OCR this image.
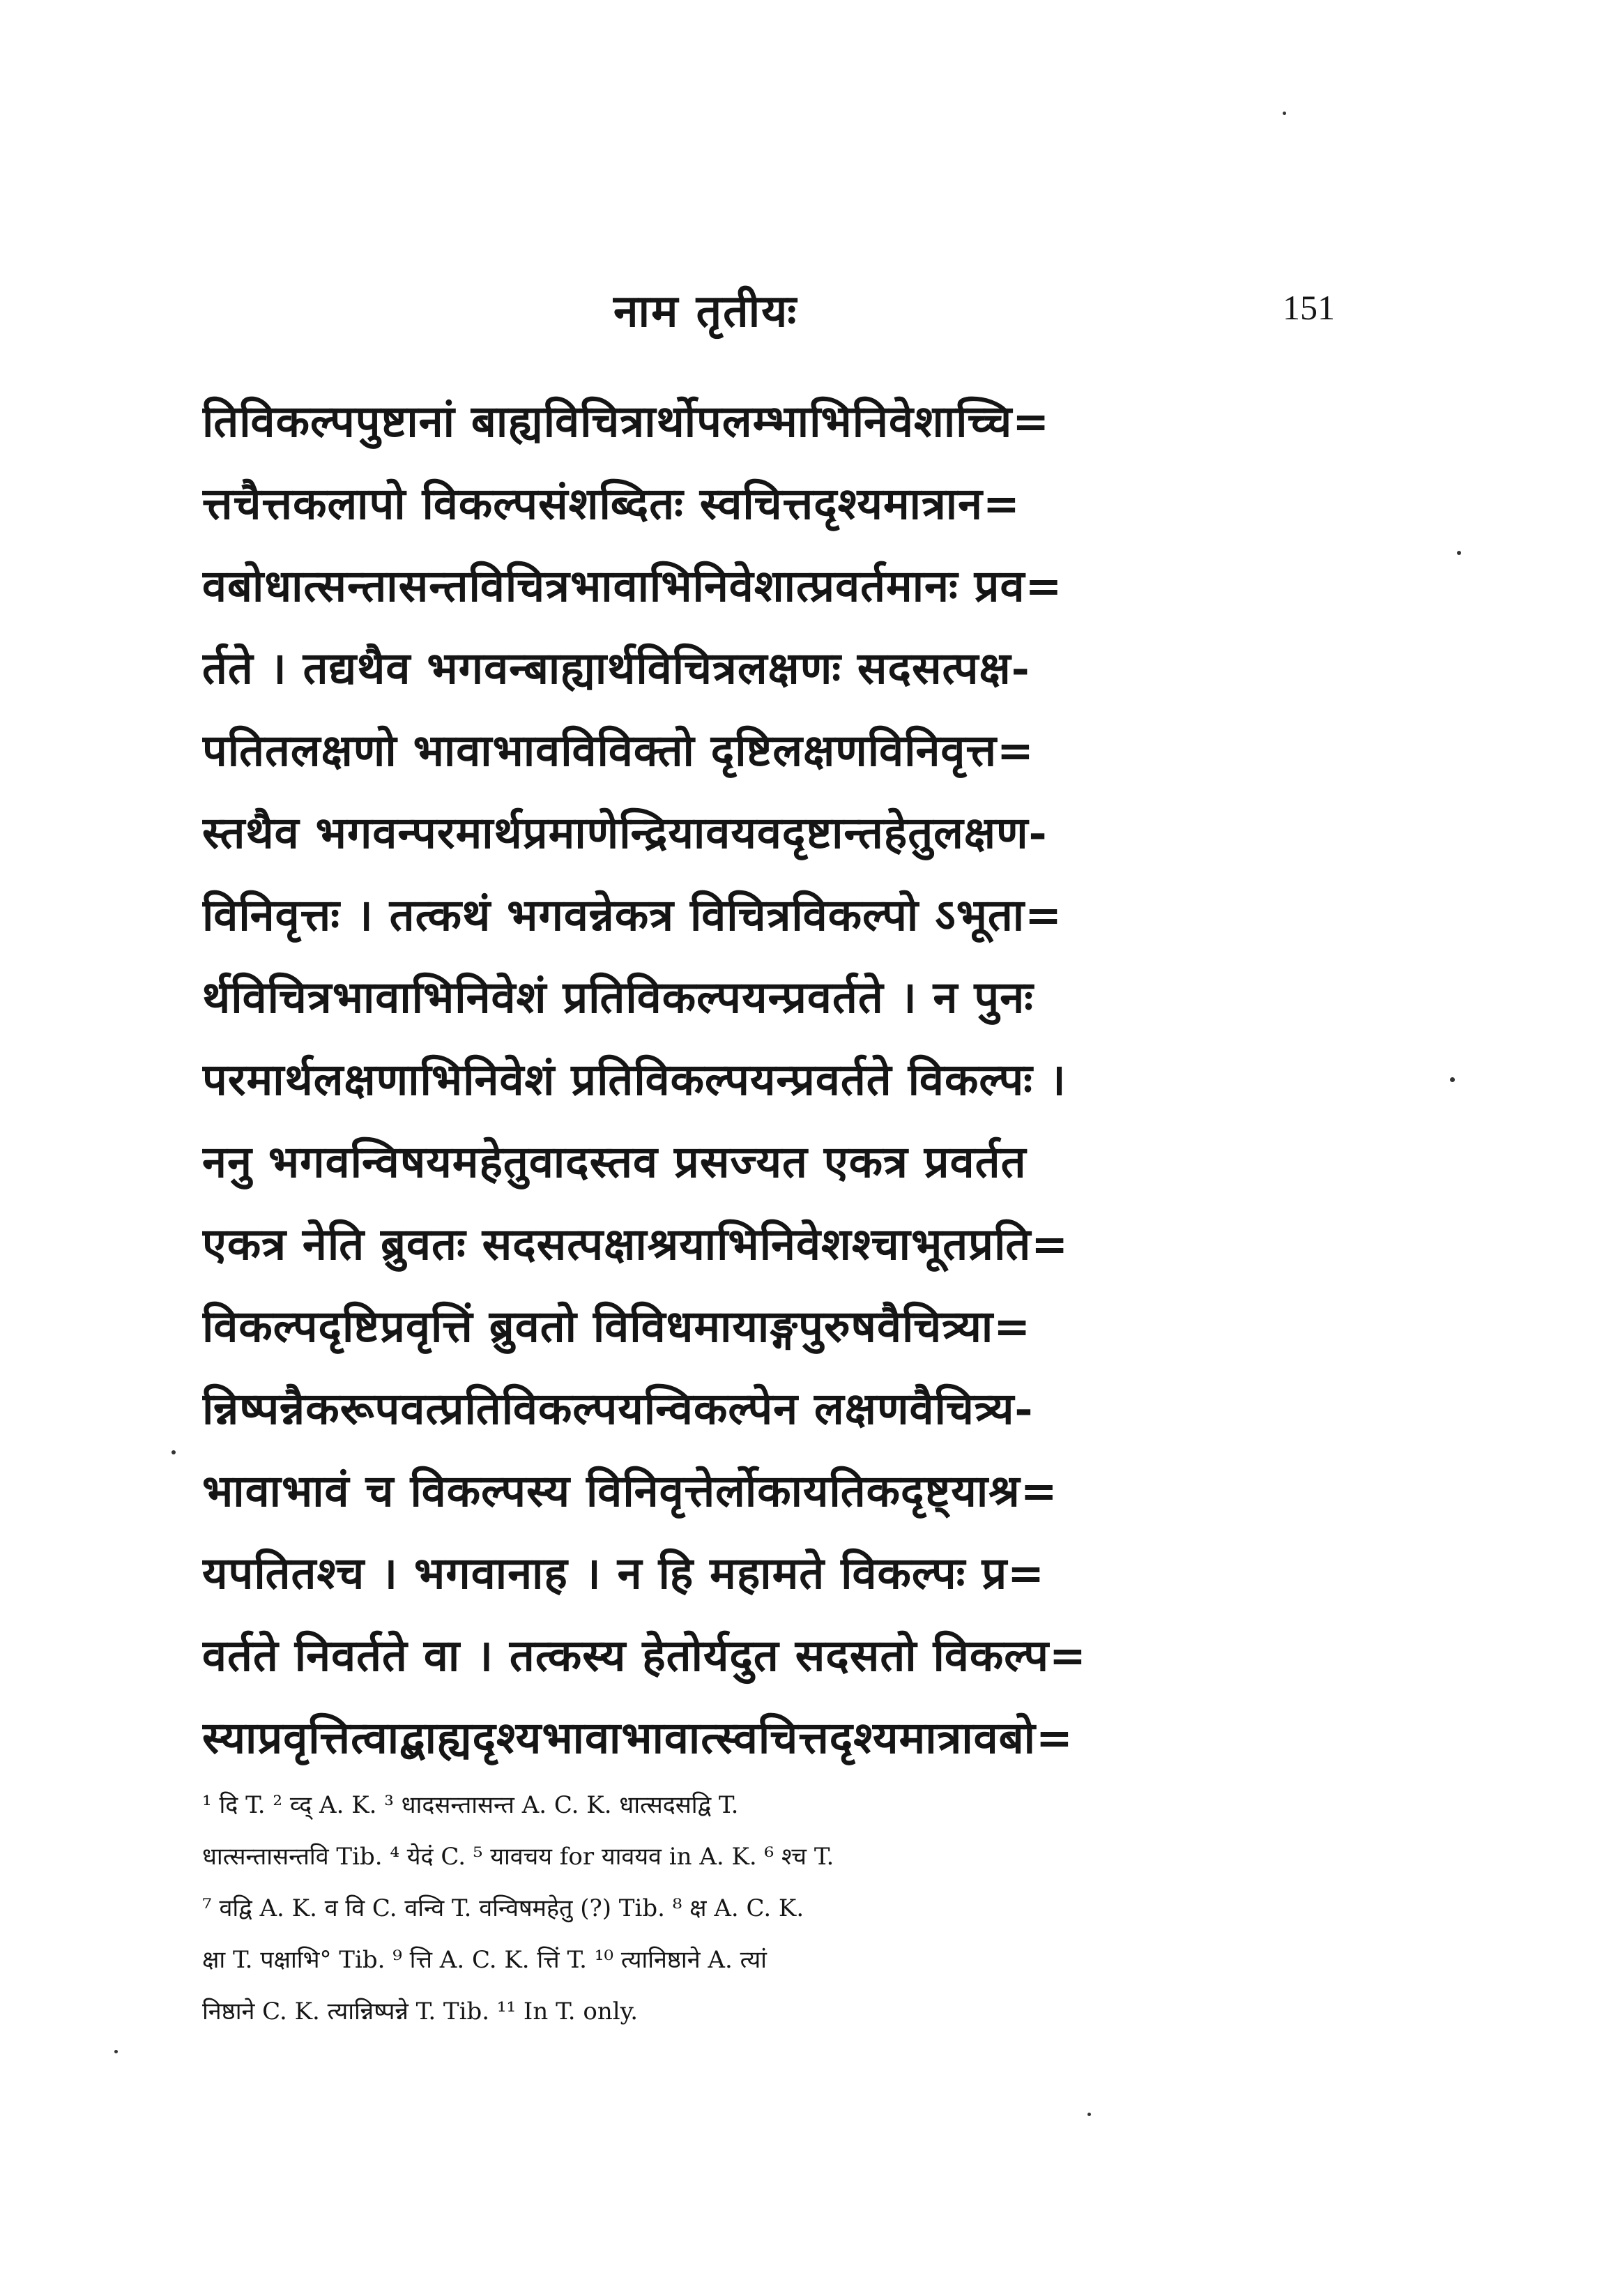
नाम तृतीयः	151
तिविकल्पपुष्टानां बाह्यविचित्रार्थोपलम्भाभिनिवेशाच्चि=
त्तचैत्तकलापो विकल्पसंशब्दितः स्वचित्तदृश्यमात्रान=
वबोधात्सन्तासन्तविचित्रभावाभिनिवेशात्प्रवर्तमानः प्रव=
र्तते । तद्यथैव भगवन्बाह्यार्थविचित्रलक्षणः सदसत्पक्ष-
पतितलक्षणो भावाभावविविक्तो दृष्टिलक्षणविनिवृत्त=
स्तथैव भगवन्परमार्थप्रमाणेन्द्रियावयवदृष्टान्तहेतुलक्षण-
विनिवृत्तः । तत्कथं भगवन्नेकत्र विचित्रविकल्पो ऽभूता=
र्थविचित्रभावाभिनिवेशं प्रतिविकल्पयन्प्रवर्तते । न पुनः
परमार्थलक्षणाभिनिवेशं प्रतिविकल्पयन्प्रवर्तते विकल्पः ।
ननु भगवन्विषयमहेतुवादस्तव प्रसज्यत एकत्र प्रवर्तत
एकत्र नेति ब्रुवतः सदसत्पक्षाश्रयाभिनिवेशश्चाभूतप्रति=
विकल्पदृष्टिप्रवृत्तिं ब्रुवतो विविधमायाङ्गपुरुषवैचित्र्या=
न्निष्पन्नैकरूपवत्प्रतिविकल्पयन्विकल्पेन लक्षणवैचित्र्य-
भावाभावं च विकल्पस्य विनिवृत्तेर्लोकायतिकदृष्ट्याश्र=
यपतितश्च । भगवानाह । न हि महामते विकल्पः प्र=
वर्तते निवर्तते वा । तत्कस्य हेतोर्यदुत सदसतो विकल्प=
स्याप्रवृत्तित्वाद्बाह्यदृश्यभावाभावात्स्वचित्तदृश्यमात्रावबो=
¹ दि T. ² व्द् A. K. ³ धादसन्तासन्त A. C. K. धात्सदसद्वि T.
धात्सन्तासन्तवि Tib. ⁴ येदं C. ⁵ यावचय for यावयव in A. K. ⁶ श्च T.
⁷ वद्वि A. K. व वि C. वन्वि T. वन्विषमहेतु (?) Tib. ⁸ क्ष A. C. K.
क्षा T. पक्षाभि° Tib. ⁹ त्ति A. C. K. त्तिं T. ¹⁰ त्यानिष्ठाने A. त्यां
निष्ठाने C. K. त्यान्निष्पन्ने T. Tib. ¹¹ In T. only.
